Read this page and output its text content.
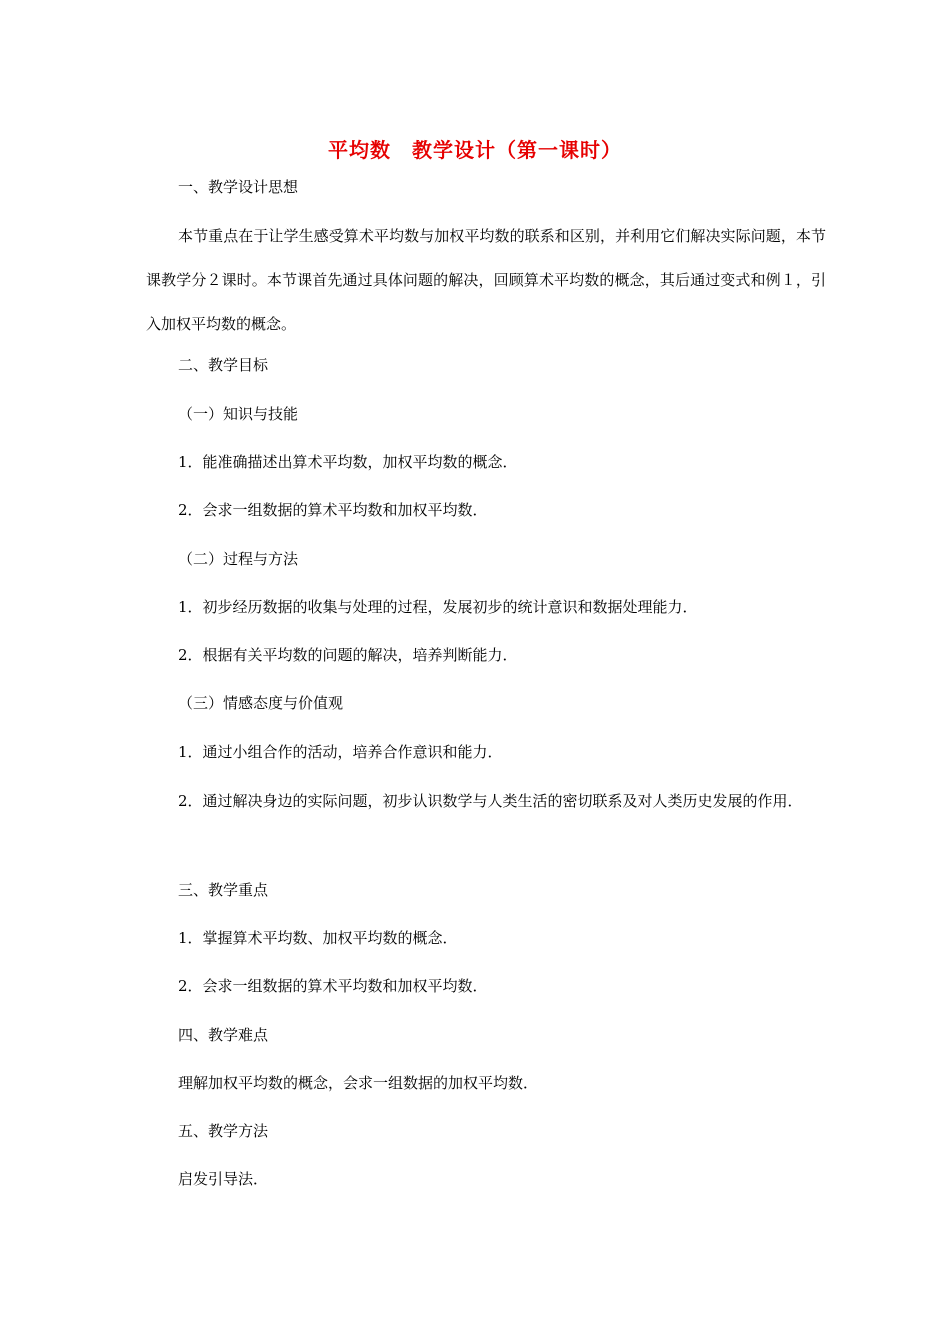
平均数　教学设计（第一课时）
一、教学设计思想
本节重点在于让学生感受算术平均数与加权平均数的联系和区别，并利用它们解决实际问题，本节课教学分２课时。本节课首先通过具体问题的解决，回顾算术平均数的概念，其后通过变式和例１，引入加权平均数的概念。
二、教学目标
（一）知识与技能
1．能准确描述出算术平均数，加权平均数的概念．
2．会求一组数据的算术平均数和加权平均数．
（二）过程与方法
1．初步经历数据的收集与处理的过程，发展初步的统计意识和数据处理能力．
2．根据有关平均数的问题的解决，培养判断能力．
（三）情感态度与价值观
1．通过小组合作的活动，培养合作意识和能力．
2．通过解决身边的实际问题，初步认识数学与人类生活的密切联系及对人类历史发展的作用．
三、教学重点
1．掌握算术平均数、加权平均数的概念．
2．会求一组数据的算术平均数和加权平均数．
四、教学难点
理解加权平均数的概念，会求一组数据的加权平均数．
五、教学方法
启发引导法．
